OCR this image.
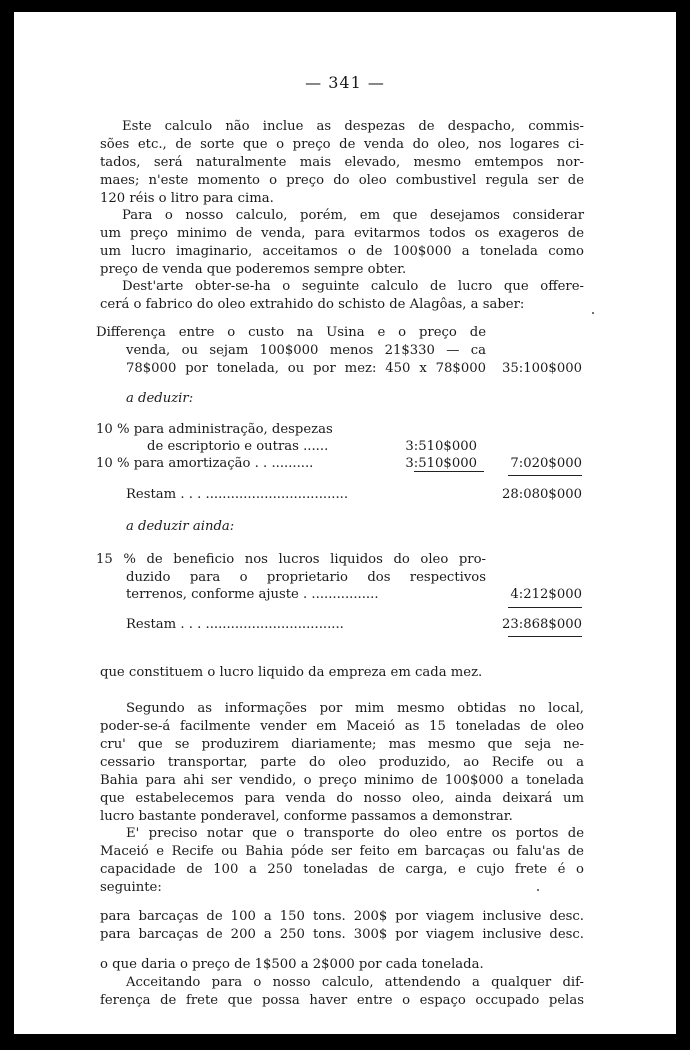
— 341 —
Este calculo não inclue as despezas de despacho, commis-
sões etc., de sorte que o preço de venda do oleo, nos logares ci-
tados, será naturalmente mais elevado, mesmo emtempos nor-
maes; n'este momento o preço do oleo combustivel regula ser de
120 réis o litro para cima.
Para o nosso calculo, porém, em que desejamos considerar
um preço minimo de venda, para evitarmos todos os exageros de
um lucro imaginario, acceitamos o de 100$000 a tonelada como
preço de venda que poderemos sempre obter.
Dest'arte obter-se-ha o seguinte calculo de lucro que offere-
cerá o fabrico do oleo extrahido do schisto de Alagôas, a saber:
Differença entre o custo na Usina e o preço de
venda, ou sejam 100$000 menos 21$330 — ca
78$000 por tonelada, ou por mez: 450 x 78$000 35:100$000
a deduzir:
10 % para administração, despezas
de escriptorio e outras ......	3:510$000
10 % para amortização . . ..........	3:510$000	7:020$000
Restam . . . ..................................	28:080$000
a deduzir ainda:
15 % de beneficio nos lucros liquidos do oleo pro-
duzido para o proprietario dos respectivos
terrenos, conforme ajuste . ................	4:212$000
Restam . . . .................................	23:868$000
que constituem o lucro liquido da empreza em cada mez.
Segundo as informações por mim mesmo obtidas no local,
poder-se-á facilmente vender em Maceió as 15 toneladas de oleo
cru' que se produzirem diariamente; mas mesmo que seja ne-
cessario transportar, parte do oleo produzido, ao Recife ou a
Bahia para ahi ser vendido, o preço minimo de 100$000 a tonelada
que estabelecemos para venda do nosso oleo, ainda deixará um
lucro bastante ponderavel, conforme passamos a demonstrar.
E' preciso notar que o transporte do oleo entre os portos de
Maceió e Recife ou Bahia póde ser feito em barcaças ou falu'as de
capacidade de 100 a 250 toneladas de carga, e cujo frete é o
seguinte:
para barcaças de 100 a 150 tons. 200$ por viagem inclusive desc.
para barcaças de 200 a 250 tons. 300$ por viagem inclusive desc.
o que daria o preço de 1$500 a 2$000 por cada tonelada.
Acceitando para o nosso calculo, attendendo a qualquer dif-
ferença de frete que possa haver entre o espaço occupado pelas
